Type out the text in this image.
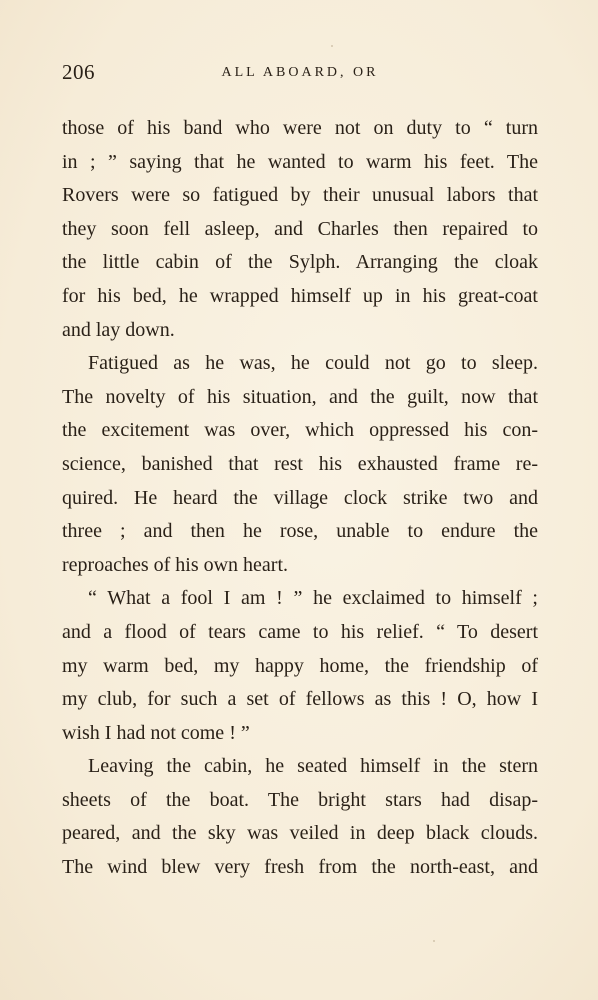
206	ALL ABOARD, OR
those of his band who were not on duty to “ turn
in ; ” saying that he wanted to warm his feet. The
Rovers were so fatigued by their unusual labors that
they soon fell asleep, and Charles then repaired to
the little cabin of the Sylph. Arranging the cloak
for his bed, he wrapped himself up in his great-coat
and lay down.
Fatigued as he was, he could not go to sleep.
The novelty of his situation, and the guilt, now that
the excitement was over, which oppressed his con-
science, banished that rest his exhausted frame re-
quired. He heard the village clock strike two and
three ; and then he rose, unable to endure the
reproaches of his own heart.
“ What a fool I am ! ” he exclaimed to himself ;
and a flood of tears came to his relief. “ To desert
my warm bed, my happy home, the friendship of
my club, for such a set of fellows as this ! O, how I
wish I had not come ! ”
Leaving the cabin, he seated himself in the stern
sheets of the boat. The bright stars had disap-
peared, and the sky was veiled in deep black clouds.
The wind blew very fresh from the north-east, and
